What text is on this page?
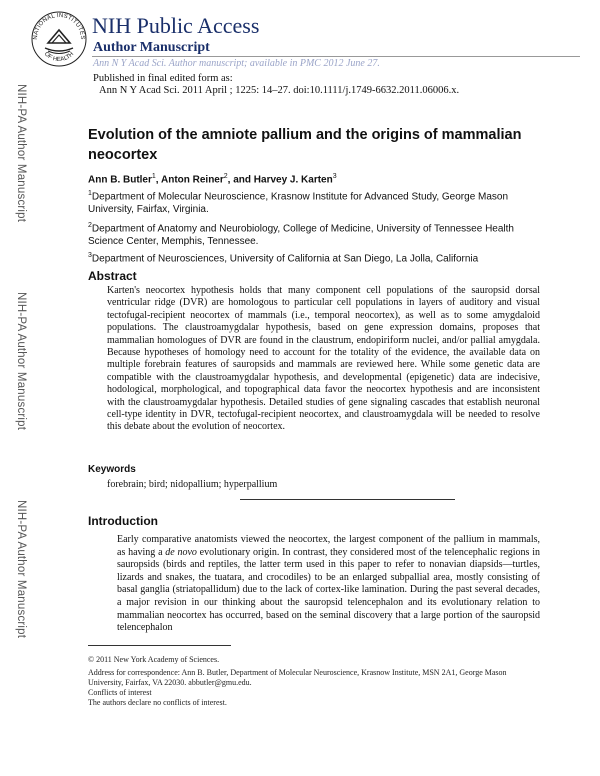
NIH-PA Author Manuscript
NIH-PA Author Manuscript
NIH-PA Author Manuscript
NATIONAL INSTITUTES
OF HEALTH
NIH Public Access
Author Manuscript
Ann N Y Acad Sci. Author manuscript; available in PMC 2012 June 27.
Published in final edited form as:
Ann N Y Acad Sci. 2011 April ; 1225: 14–27. doi:10.1111/j.1749-6632.2011.06006.x.
Evolution of the amniote pallium and the origins of mammalian neocortex
Ann B. Butler$^1$, Anton Reiner$^2$, and Harvey J. Karten$^3$
$^1$Department of Molecular Neuroscience, Krasnow Institute for Advanced Study, George Mason University, Fairfax, Virginia.
$^2$Department of Anatomy and Neurobiology, College of Medicine, University of Tennessee Health Science Center, Memphis, Tennessee.
$^3$Department of Neurosciences, University of California at San Diego, La Jolla, California
Abstract
Karten's neocortex hypothesis holds that many component cell populations of the sauropsid dorsal ventricular ridge (DVR) are homologous to particular cell populations in layers of auditory and visual tectofugal-recipient neocortex of mammals (i.e., temporal neocortex), as well as to some amygdaloid populations. The claustroamygdalar hypothesis, based on gene expression domains, proposes that mammalian homologues of DVR are found in the claustrum, endopiriform nuclei, and/or pallial amygdala. Because hypotheses of homology need to account for the totality of the evidence, the available data on multiple forebrain features of sauropsids and mammals are reviewed here. While some genetic data are compatible with the claustroamygdalar hypothesis, and developmental (epigenetic) data are indecisive, hodological, morphological, and topographical data favor the neocortex hypothesis and are inconsistent with the claustroamygdalar hypothesis. Detailed studies of gene signaling cascades that establish neuronal cell-type identity in DVR, tectofugal-recipient neocortex, and claustroamygdala will be needed to resolve this debate about the evolution of neocortex.
Keywords
forebrain; bird; nidopallium; hyperpallium
Introduction

Early comparative anatomists viewed the neocortex, the largest component of the pallium in mammals, as having a de novo evolutionary origin. In contrast, they considered most of the telencephalic regions in sauropsids (birds and reptiles, the latter term used in this paper to refer to nonavian diapsids—turtles, lizards and snakes, the tuatara, and crocodiles) to be an enlarged subpallial area, mostly consisting of basal ganglia (striatopallidum) due to the lack of cortex-like lamination. During the past several decades, a major revision in our thinking about the sauropsid telencephalon and its evolutionary relation to mammalian neocortex has occurred, based on the seminal discovery that a large portion of the sauropsid telencephalon

© 2011 New York Academy of Sciences.
Address for correspondence: Ann B. Butler, Department of Molecular Neuroscience, Krasnow Institute, MSN 2A1, George Mason University, Fairfax, VA 22030. abbutler@gmu.edu.
Conflicts of interest
The authors declare no conflicts of interest.
